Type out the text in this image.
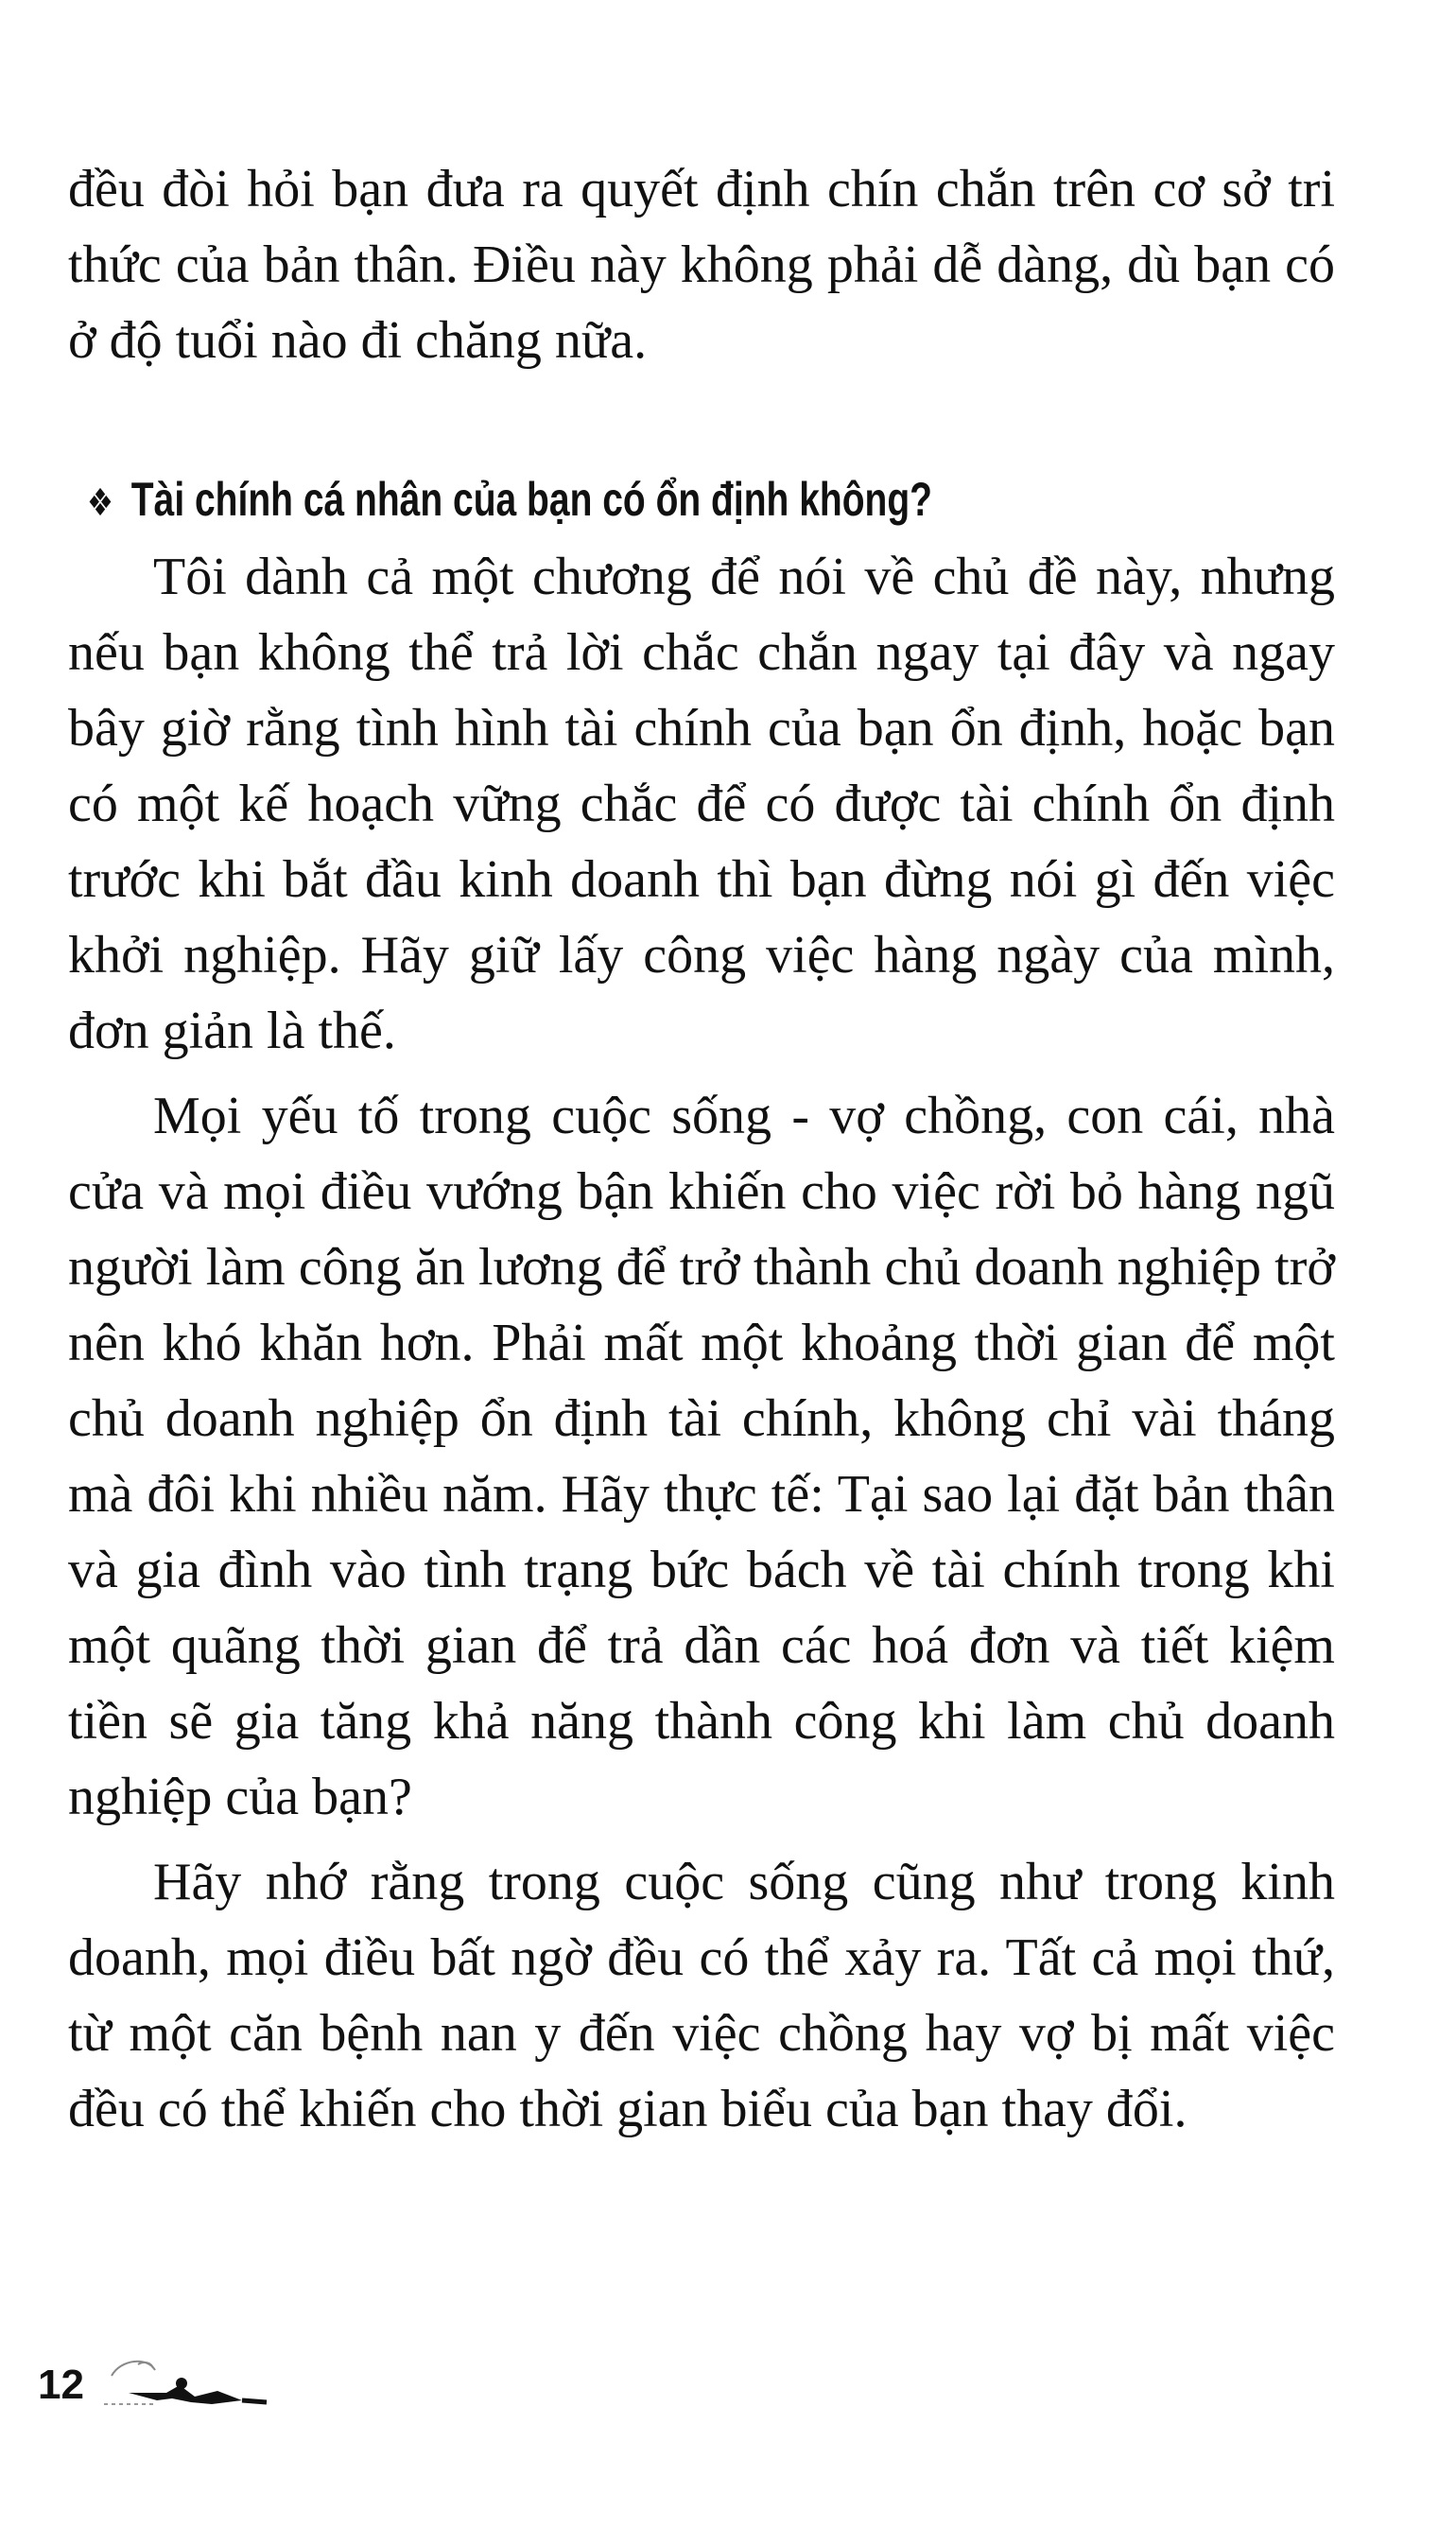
đều đòi hỏi bạn đưa ra quyết định chín chắn trên cơ sở tri thức của bản thân. Điều này không phải dễ dàng, dù bạn có ở độ tuổi nào đi chăng nữa.

❖ Tài chính cá nhân của bạn có ổn định không?

Tôi dành cả một chương để nói về chủ đề này, nhưng nếu bạn không thể trả lời chắc chắn ngay tại đây và ngay bây giờ rằng tình hình tài chính của bạn ổn định, hoặc bạn có một kế hoạch vững chắc để có được tài chính ổn định trước khi bắt đầu kinh doanh thì bạn đừng nói gì đến việc khởi nghiệp. Hãy giữ lấy công việc hàng ngày của mình, đơn giản là thế.

Mọi yếu tố trong cuộc sống - vợ chồng, con cái, nhà cửa và mọi điều vướng bận khiến cho việc rời bỏ hàng ngũ người làm công ăn lương để trở thành chủ doanh nghiệp trở nên khó khăn hơn. Phải mất một khoảng thời gian để một chủ doanh nghiệp ổn định tài chính, không chỉ vài tháng mà đôi khi nhiều năm. Hãy thực tế: Tại sao lại đặt bản thân và gia đình vào tình trạng bức bách về tài chính trong khi một quãng thời gian để trả dần các hoá đơn và tiết kiệm tiền sẽ gia tăng khả năng thành công khi làm chủ doanh nghiệp của bạn?

Hãy nhớ rằng trong cuộc sống cũng như trong kinh doanh, mọi điều bất ngờ đều có thể xảy ra. Tất cả mọi thứ, từ một căn bệnh nan y đến việc chồng hay vợ bị mất việc đều có thể khiến cho thời gian biểu của bạn thay đổi.

12
